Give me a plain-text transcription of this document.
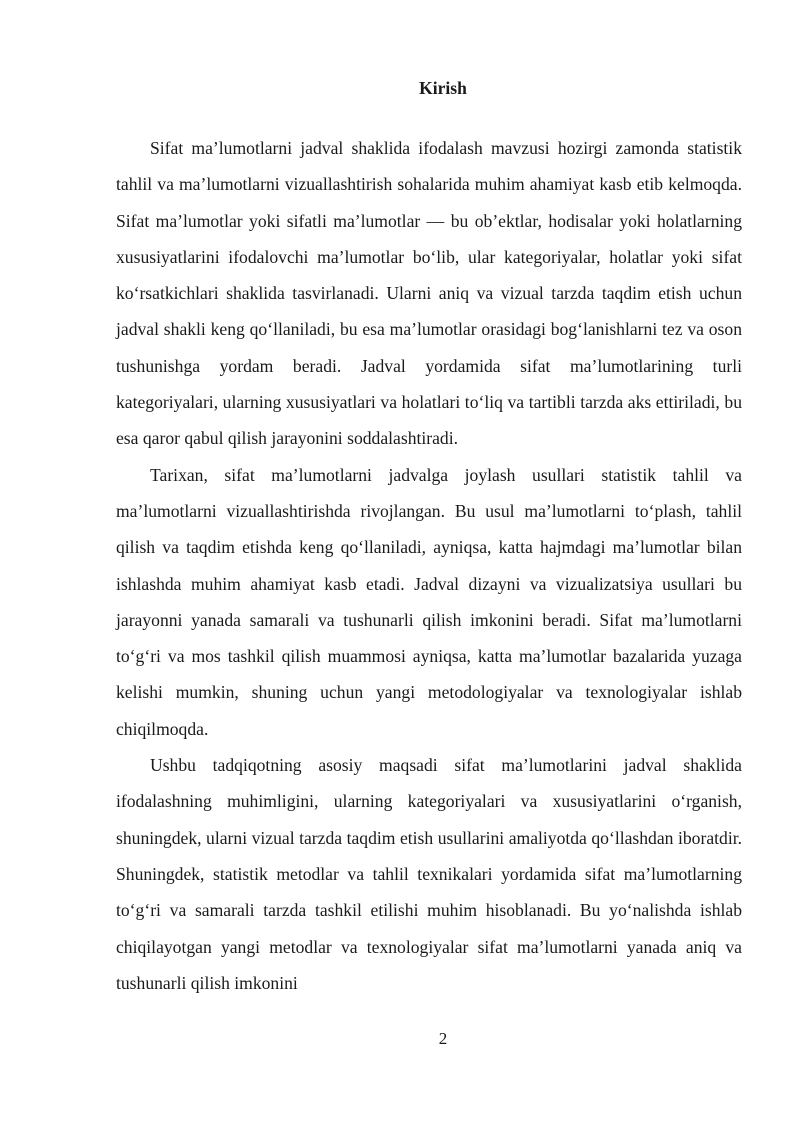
Kirish

Sifat ma’lumotlarni jadval shaklida ifodalash mavzusi hozirgi zamonda statistik tahlil va ma’lumotlarni vizuallashtirish sohalarida muhim ahamiyat kasb etib kelmoqda. Sifat ma’lumotlar yoki sifatli ma’lumotlar — bu ob’ektlar, hodisalar yoki holatlarning xususiyatlarini ifodalovchi ma’lumotlar bo‘lib, ular kategoriyalar, holatlar yoki sifat ko‘rsatkichlari shaklida tasvirlanadi. Ularni aniq va vizual tarzda taqdim etish uchun jadval shakli keng qo‘llaniladi, bu esa ma’lumotlar orasidagi bog‘lanishlarni tez va oson tushunishga yordam beradi. Jadval yordamida sifat ma’lumotlarining turli kategoriyalari, ularning xususiyatlari va holatlari to‘liq va tartibli tarzda aks ettiriladi, bu esa qaror qabul qilish jarayonini soddalashtiradi.

Tarixan, sifat ma’lumotlarni jadvalga joylash usullari statistik tahlil va ma’lumotlarni vizuallashtirishda rivojlangan. Bu usul ma’lumotlarni to‘plash, tahlil qilish va taqdim etishda keng qo‘llaniladi, ayniqsa, katta hajmdagi ma’lumotlar bilan ishlashda muhim ahamiyat kasb etadi. Jadval dizayni va vizualizatsiya usullari bu jarayonni yanada samarali va tushunarli qilish imkonini beradi. Sifat ma’lumotlarni to‘g‘ri va mos tashkil qilish muammosi ayniqsa, katta ma’lumotlar bazalarida yuzaga kelishi mumkin, shuning uchun yangi metodologiyalar va texnologiyalar ishlab chiqilmoqda.

Ushbu tadqiqotning asosiy maqsadi sifat ma’lumotlarini jadval shaklida ifodalashning muhimligini, ularning kategoriyalari va xususiyatlarini o‘rganish, shuningdek, ularni vizual tarzda taqdim etish usullarini amaliyotda qo‘llashdan iboratdir. Shuningdek, statistik metodlar va tahlil texnikalari yordamida sifat ma’lumotlarning to‘g‘ri va samarali tarzda tashkil etilishi muhim hisoblanadi. Bu yo‘nalishda ishlab chiqilayotgan yangi metodlar va texnologiyalar sifat ma’lumotlarni yanada aniq va tushunarli qilish imkonini

2
